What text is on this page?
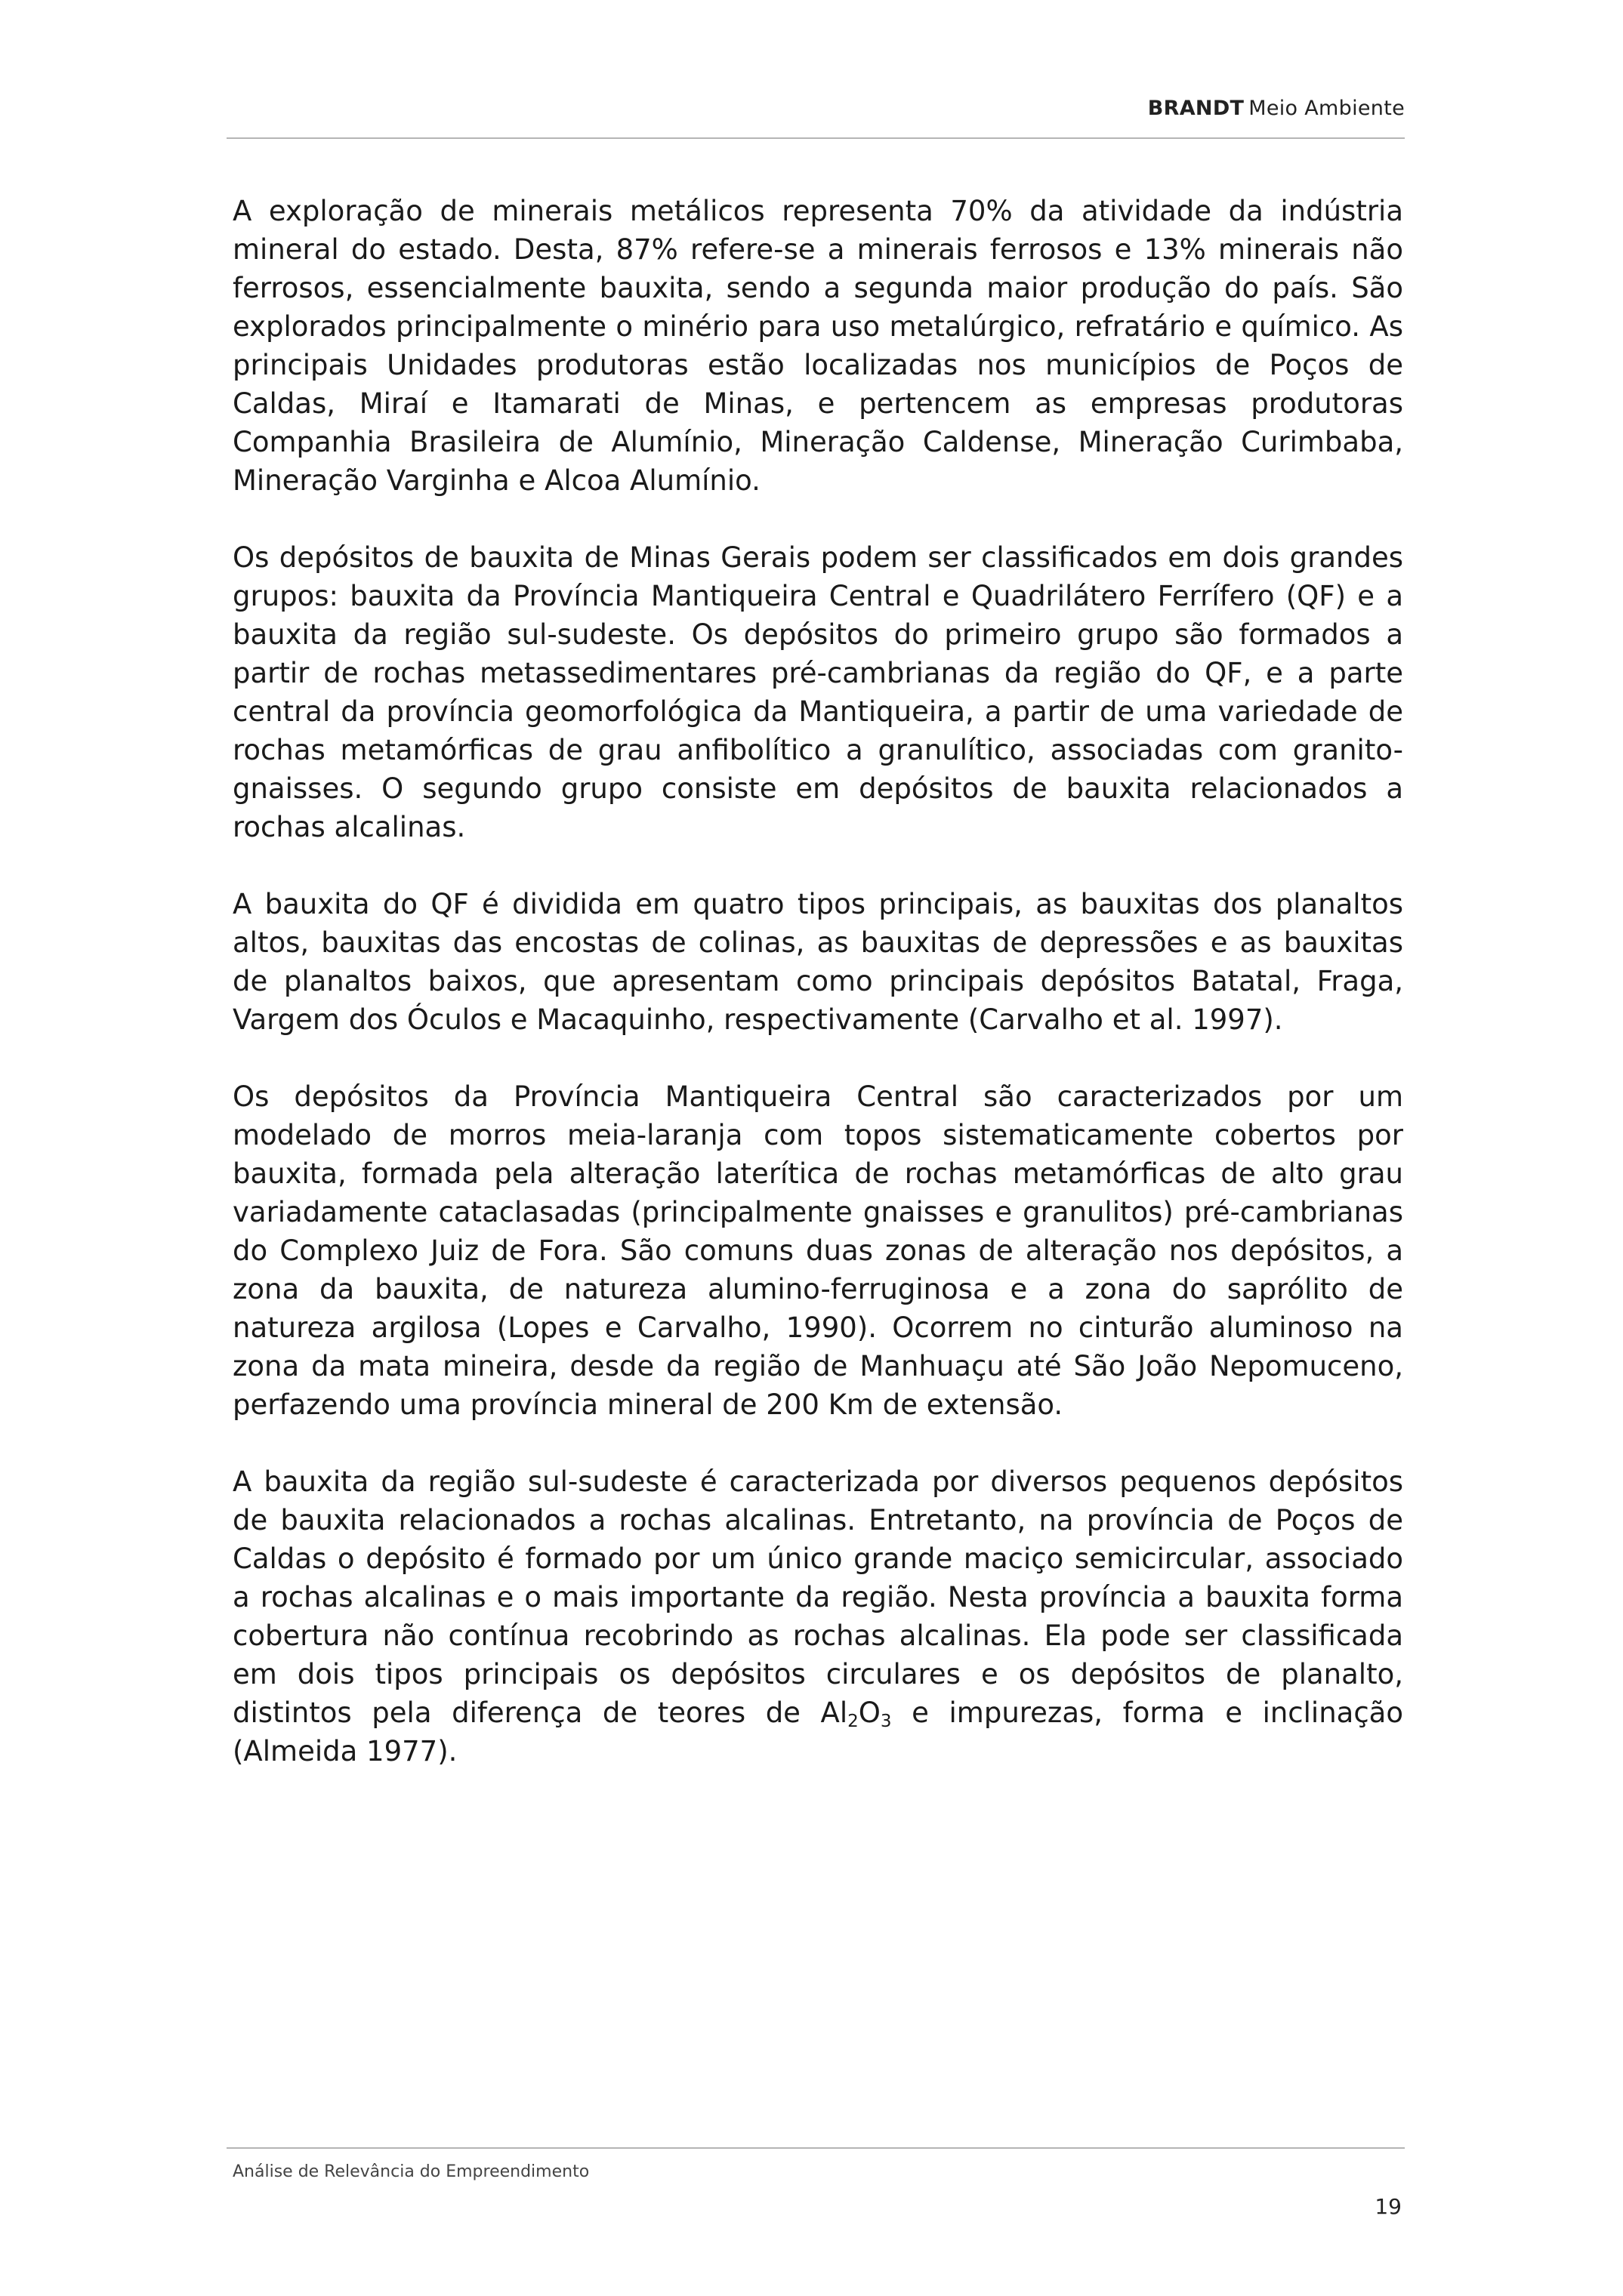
BRANDT Meio Ambiente

A exploração de minerais metálicos representa 70% da atividade da indústria mineral do estado. Desta, 87% refere-se a minerais ferrosos e 13% minerais não ferrosos, essencialmente bauxita, sendo a segunda maior produção do país. São explorados principalmente o minério para uso metalúrgico, refratário e químico. As principais Unidades produtoras estão localizadas nos municípios de Poços de Caldas, Miraí e Itamarati de Minas, e pertencem as empresas produtoras Companhia Brasileira de Alumínio, Mineração Caldense, Mineração Curimbaba, Mineração Varginha e Alcoa Alumínio.

Os depósitos de bauxita de Minas Gerais podem ser classificados em dois grandes grupos: bauxita da Província Mantiqueira Central e Quadrilátero Ferrífero (QF) e a bauxita da região sul-sudeste. Os depósitos do primeiro grupo são formados a partir de rochas metassedimentares pré-cambrianas da região do QF, e a parte central da província geomorfológica da Mantiqueira, a partir de uma variedade de rochas metamórficas de grau anfibolítico a granulítico, associadas com granito-gnaisses. O segundo grupo consiste em depósitos de bauxita relacionados a rochas alcalinas.

A bauxita do QF é dividida em quatro tipos principais, as bauxitas dos planaltos altos, bauxitas das encostas de colinas, as bauxitas de depressões e as bauxitas de planaltos baixos, que apresentam como principais depósitos Batatal, Fraga, Vargem dos Óculos e Macaquinho, respectivamente (Carvalho et al. 1997).

Os depósitos da Província Mantiqueira Central são caracterizados por um modelado de morros meia-laranja com topos sistematicamente cobertos por bauxita, formada pela alteração laterítica de rochas metamórficas de alto grau variadamente cataclasadas (principalmente gnaisses e granulitos) pré-cambrianas do Complexo Juiz de Fora. São comuns duas zonas de alteração nos depósitos, a zona da bauxita, de natureza alumino-ferruginosa e a zona do saprólito de natureza argilosa (Lopes e Carvalho, 1990). Ocorrem no cinturão aluminoso na zona da mata mineira, desde da região de Manhuaçu até São João Nepomuceno, perfazendo uma província mineral de 200 Km de extensão.

A bauxita da região sul-sudeste é caracterizada por diversos pequenos depósitos de bauxita relacionados a rochas alcalinas. Entretanto, na província de Poços de Caldas o depósito é formado por um único grande maciço semicircular, associado a rochas alcalinas e o mais importante da região. Nesta província a bauxita forma cobertura não contínua recobrindo as rochas alcalinas. Ela pode ser classificada em dois tipos principais os depósitos circulares e os depósitos de planalto, distintos pela diferença de teores de $Al_2O_3$ e impurezas, forma e inclinação (Almeida 1977).

Análise de Relevância do Empreendimento
19
